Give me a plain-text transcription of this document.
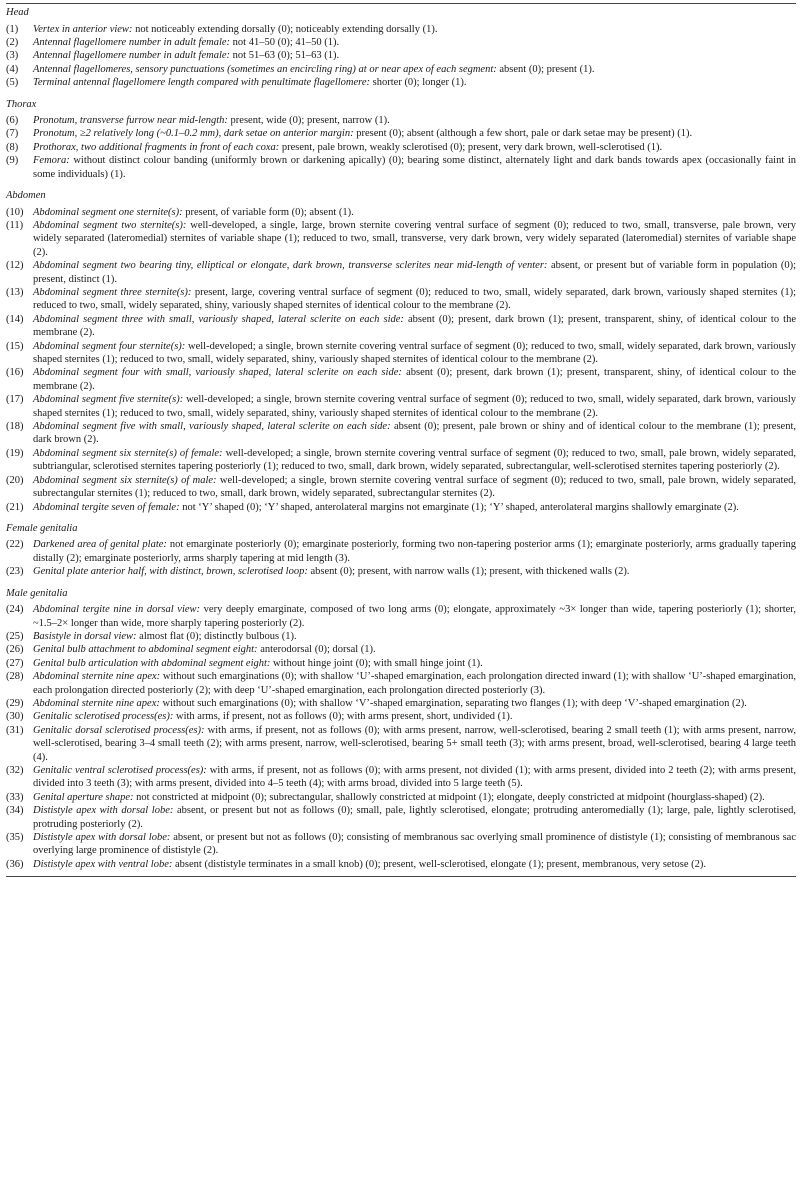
Head
(1)	Vertex in anterior view: not noticeably extending dorsally (0); noticeably extending dorsally (1).
(2)	Antennal flagellomere number in adult female: not 41–50 (0); 41–50 (1).
(3)	Antennal flagellomere number in adult female: not 51–63 (0); 51–63 (1).
(4)	Antennal flagellomeres, sensory punctuations (sometimes an encircling ring) at or near apex of each segment: absent (0); present (1).
(5)	Terminal antennal flagellomere length compared with penultimate flagellomere: shorter (0); longer (1).
Thorax
(6)	Pronotum, transverse furrow near mid-length: present, wide (0); present, narrow (1).
(7)	Pronotum, ≥2 relatively long (~0.1–0.2 mm), dark setae on anterior margin: present (0); absent (although a few short, pale or dark setae may be present) (1).
(8)	Prothorax, two additional fragments in front of each coxa: present, pale brown, weakly sclerotised (0); present, very dark brown, well-sclerotised (1).
(9)	Femora: without distinct colour banding (uniformly brown or darkening apically) (0); bearing some distinct, alternately light and dark bands towards apex (occasionally faint in some individuals) (1).
Abdomen
(10) Abdominal segment one sternite(s): present, of variable form (0); absent (1).
(11) Abdominal segment two sternite(s): well-developed, a single, large, brown sternite covering ventral surface of segment (0); reduced to two, small, transverse, pale brown, very widely separated (lateromedial) sternites of variable shape (1); reduced to two, small, transverse, very dark brown, very widely separated (lateromedial) sternites of variable shape (2).
(12) Abdominal segment two bearing tiny, elliptical or elongate, dark brown, transverse sclerites near mid-length of venter: absent, or present but of variable form in population (0); present, distinct (1).
(13) Abdominal segment three sternite(s): present, large, covering ventral surface of segment (0); reduced to two, small, widely separated, dark brown, variously shaped sternites (1); reduced to two, small, widely separated, shiny, variously shaped sternites of identical colour to the membrane (2).
(14) Abdominal segment three with small, variously shaped, lateral sclerite on each side: absent (0); present, dark brown (1); present, transparent, shiny, of identical colour to the membrane (2).
(15) Abdominal segment four sternite(s): well-developed; a single, brown sternite covering ventral surface of segment (0); reduced to two, small, widely separated, dark brown, variously shaped sternites (1); reduced to two, small, widely separated, shiny, variously shaped sternites of identical colour to the membrane (2).
(16) Abdominal segment four with small, variously shaped, lateral sclerite on each side: absent (0); present, dark brown (1); present, transparent, shiny, of identical colour to the membrane (2).
(17) Abdominal segment five sternite(s): well-developed; a single, brown sternite covering ventral surface of segment (0); reduced to two, small, widely separated, dark brown, variously shaped sternites (1); reduced to two, small, widely separated, shiny, variously shaped sternites of identical colour to the membrane (2).
(18) Abdominal segment five with small, variously shaped, lateral sclerite on each side: absent (0); present, pale brown or shiny and of identical colour to the membrane (1); present, dark brown (2).
(19) Abdominal segment six sternite(s) of female: well-developed; a single, brown sternite covering ventral surface of segment (0); reduced to two, small, pale brown, widely separated, subtriangular, sclerotised sternites tapering posteriorly (1); reduced to two, small, dark brown, widely separated, subrectangular, well-sclerotised sternites tapering posteriorly (2).
(20) Abdominal segment six sternite(s) of male: well-developed; a single, brown sternite covering ventral surface of segment (0); reduced to two, small, pale brown, widely separated, subrectangular sternites (1); reduced to two, small, dark brown, widely separated, subrectangular sternites (2).
(21) Abdominal tergite seven of female: not ‘Y’ shaped (0); ‘Y’ shaped, anterolateral margins not emarginate (1); ‘Y’ shaped, anterolateral margins shallowly emarginate (2).
Female genitalia
(22) Darkened area of genital plate: not emarginate posteriorly (0); emarginate posteriorly, forming two non-tapering posterior arms (1); emarginate posteriorly, arms gradually tapering distally (2); emarginate posteriorly, arms sharply tapering at mid length (3).
(23) Genital plate anterior half, with distinct, brown, sclerotised loop: absent (0); present, with narrow walls (1); present, with thickened walls (2).
Male genitalia
(24) Abdominal tergite nine in dorsal view: very deeply emarginate, composed of two long arms (0); elongate, approximately ~3× longer than wide, tapering posteriorly (1); shorter, ~1.5–2× longer than wide, more sharply tapering posteriorly (2).
(25) Basistyle in dorsal view: almost flat (0); distinctly bulbous (1).
(26) Genital bulb attachment to abdominal segment eight: anterodorsal (0); dorsal (1).
(27) Genital bulb articulation with abdominal segment eight: without hinge joint (0); with small hinge joint (1).
(28) Abdominal sternite nine apex: without such emarginations (0); with shallow ‘U’-shaped emargination, each prolongation directed inward (1); with shallow ‘U’-shaped emargination, each prolongation directed posteriorly (2); with deep ‘U’-shaped emargination, each prolongation directed posteriorly (3).
(29) Abdominal sternite nine apex: without such emarginations (0); with shallow ‘V’-shaped emargination, separating two flanges (1); with deep ‘V’-shaped emargination (2).
(30) Genitalic sclerotised process(es): with arms, if present, not as follows (0); with arms present, short, undivided (1).
(31) Genitalic dorsal sclerotised process(es): with arms, if present, not as follows (0); with arms present, narrow, well-sclerotised, bearing 2 small teeth (1); with arms present, narrow, well-sclerotised, bearing 3–4 small teeth (2); with arms present, narrow, well-sclerotised, bearing 5+ small teeth (3); with arms present, broad, well-sclerotised, bearing 4 large teeth (4).
(32) Genitalic ventral sclerotised process(es): with arms, if present, not as follows (0); with arms present, not divided (1); with arms present, divided into 2 teeth (2); with arms present, divided into 3 teeth (3); with arms present, divided into 4–5 teeth (4); with arms broad, divided into 5 large teeth (5).
(33) Genital aperture shape: not constricted at midpoint (0); subrectangular, shallowly constricted at midpoint (1); elongate, deeply constricted at midpoint (hourglass-shaped) (2).
(34) Dististyle apex with dorsal lobe: absent, or present but not as follows (0); small, pale, lightly sclerotised, elongate; protruding anteromedially (1); large, pale, lightly sclerotised, protruding posteriorly (2).
(35) Dististyle apex with dorsal lobe: absent, or present but not as follows (0); consisting of membranous sac overlying small prominence of dististyle (1); consisting of membranous sac overlying large prominence of dististyle (2).
(36) Dististyle apex with ventral lobe: absent (dististyle terminates in a small knob) (0); present, well-sclerotised, elongate (1); present, membranous, very setose (2).
